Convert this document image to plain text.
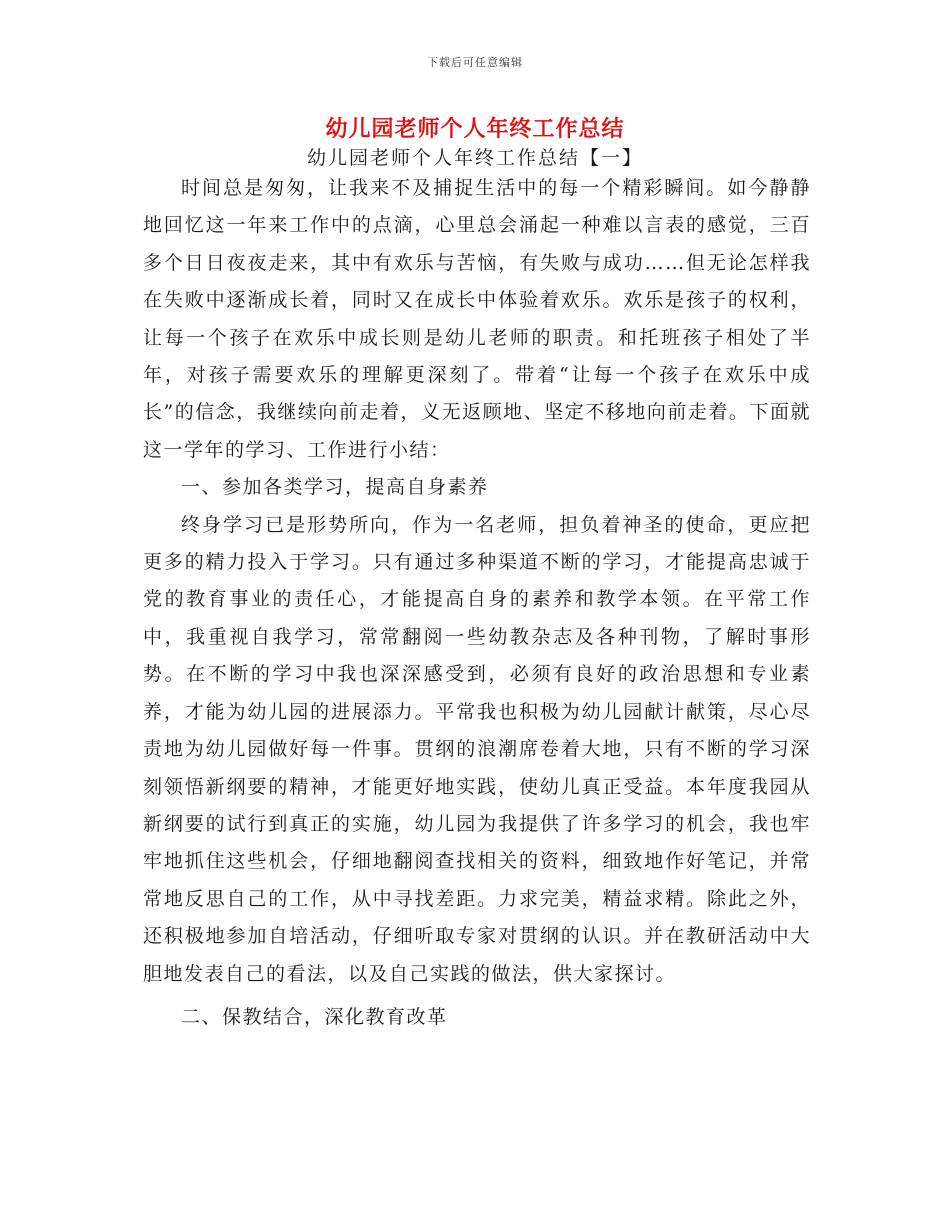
下载后可任意编辑
幼儿园老师个人年终工作总结
幼儿园老师个人年终工作总结【一】

时间总是匆匆，让我来不及捕捉生活中的每一个精彩瞬间。如今静静地回忆这一年来工作中的点滴，心里总会涌起一种难以言表的感觉，三百多个日日夜夜走来，其中有欢乐与苦恼，有失败与成功……但无论怎样我在失败中逐渐成长着，同时又在成长中体验着欢乐。欢乐是孩子的权利，让每一个孩子在欢乐中成长则是幼儿老师的职责。和托班孩子相处了半年，对孩子需要欢乐的理解更深刻了。带着“让每一个孩子在欢乐中成长”的信念，我继续向前走着，义无返顾地、坚定不移地向前走着。下面就这一学年的学习、工作进行小结：

一、参加各类学习，提高自身素养

终身学习已是形势所向，作为一名老师，担负着神圣的使命，更应把更多的精力投入于学习。只有通过多种渠道不断的学习，才能提高忠诚于党的教育事业的责任心，才能提高自身的素养和教学本领。在平常工作中，我重视自我学习，常常翻阅一些幼教杂志及各种刊物，了解时事形势。在不断的学习中我也深深感受到，必须有良好的政治思想和专业素养，才能为幼儿园的进展添力。平常我也积极为幼儿园献计献策，尽心尽责地为幼儿园做好每一件事。贯纲的浪潮席卷着大地，只有不断的学习深刻领悟新纲要的精神，才能更好地实践，使幼儿真正受益。本年度我园从新纲要的试行到真正的实施，幼儿园为我提供了许多学习的机会，我也牢牢地抓住这些机会，仔细地翻阅查找相关的资料，细致地作好笔记，并常常地反思自己的工作，从中寻找差距。力求完美，精益求精。除此之外，还积极地参加自培活动，仔细听取专家对贯纲的认识。并在教研活动中大胆地发表自己的看法，以及自己实践的做法，供大家探讨。

二、保教结合，深化教育改革
